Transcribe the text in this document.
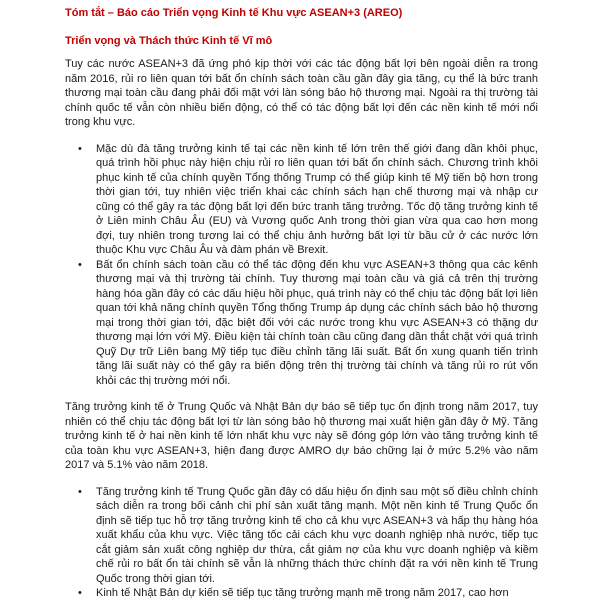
Tóm tắt – Báo cáo Triển vọng Kinh tế Khu vực ASEAN+3 (AREO)
Triển vọng và Thách thức Kinh tế Vĩ mô

Tuy các nước ASEAN+3 đã ứng phó kịp thời với các tác động bất lợi bên ngoài diễn ra trong năm 2016, rủi ro liên quan tới bất ổn chính sách toàn cầu gần đây gia tăng, cụ thể là bức tranh thương mại toàn cầu đang phải đối mặt với làn sóng bảo hộ thương mại. Ngoài ra thị trường tài chính quốc tế vẫn còn nhiều biến động, có thể có tác động bất lợi đến các nền kinh tế mới nổi trong khu vực.

• Mặc dù đà tăng trưởng kinh tế tại các nền kinh tế lớn trên thế giới đang dần khôi phục, quá trình hồi phục này hiện chịu rủi ro liên quan tới bất ổn chính sách. Chương trình khôi phục kinh tế của chính quyền Tổng thống Trump có thể giúp kinh tế Mỹ tiến bộ hơn trong thời gian tới, tuy nhiên việc triển khai các chính sách hạn chế thương mại và nhập cư cũng có thể gây ra tác động bất lợi đến bức tranh tăng trưởng. Tốc độ tăng trưởng kinh tế ở Liên minh Châu Âu (EU) và Vương quốc Anh trong thời gian vừa qua cao hơn mong đợi, tuy nhiên trong tương lai có thể chịu ảnh hưởng bất lợi từ bầu cử ở các nước lớn thuộc Khu vực Châu Âu và đàm phán về Brexit.
• Bất ổn chính sách toàn cầu có thể tác động đến khu vực ASEAN+3 thông qua các kênh thương mại và thị trường tài chính. Tuy thương mại toàn cầu và giá cả trên thị trường hàng hóa gần đây có các dấu hiệu hồi phục, quá trình này có thể chịu tác động bất lợi liên quan tới khả năng chính quyền Tổng thống Trump áp dụng các chính sách bảo hộ thương mại trong thời gian tới, đặc biệt đối với các nước trong khu vực ASEAN+3 có thặng dư thương mại lớn với Mỹ. Điều kiện tài chính toàn cầu cũng đang dần thắt chặt với quá trình Quỹ Dự trữ Liên bang Mỹ tiếp tục điều chỉnh tăng lãi suất. Bất ổn xung quanh tiến trình tăng lãi suất này có thể gây ra biến động trên thị trường tài chính và tăng rủi ro rút vốn khỏi các thị trường mới nổi.

Tăng trưởng kinh tế ở Trung Quốc và Nhật Bản dự báo sẽ tiếp tục ổn định trong năm 2017, tuy nhiên có thể chịu tác động bất lợi từ làn sóng bảo hộ thương mại xuất hiện gần đây ở Mỹ. Tăng trưởng kinh tế ở hai nền kinh tế lớn nhất khu vực này sẽ đóng góp lớn vào tăng trưởng kinh tế của toàn khu vực ASEAN+3, hiện đang được AMRO dự báo chững lại ở mức 5.2% vào năm 2017 và 5.1% vào năm 2018.

• Tăng trưởng kinh tế Trung Quốc gần đây có dấu hiệu ổn định sau một số điều chỉnh chính sách diễn ra trong bối cảnh chi phí sản xuất tăng mạnh. Một nền kinh tế Trung Quốc ổn định sẽ tiếp tục hỗ trợ tăng trưởng kinh tế cho cả khu vực ASEAN+3 và hấp thụ hàng hóa xuất khẩu của khu vực. Việc tăng tốc cải cách khu vực doanh nghiệp nhà nước, tiếp tục cắt giảm sản xuất công nghiệp dư thừa, cắt giảm nợ của khu vực doanh nghiệp và kiềm chế rủi ro bất ổn tài chính sẽ vẫn là những thách thức chính đặt ra với nền kinh tế Trung Quốc trong thời gian tới.
• Kinh tế Nhật Bản dự kiến sẽ tiếp tục tăng trưởng mạnh mẽ trong năm 2017, cao hơn
